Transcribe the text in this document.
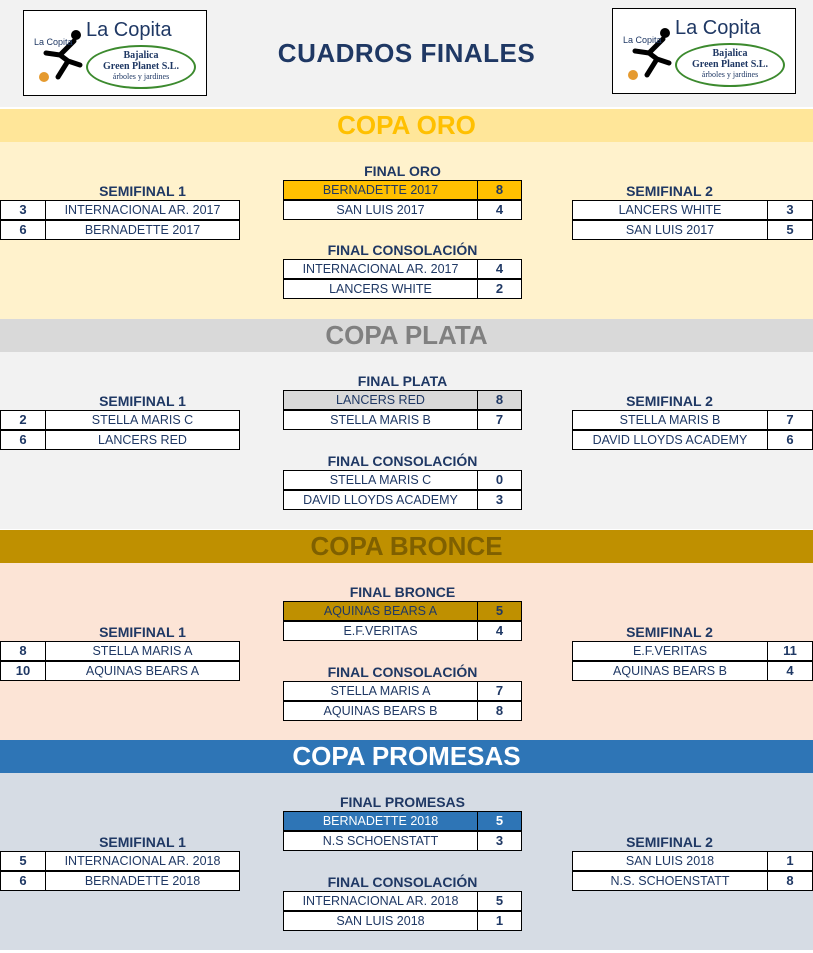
La Copita
La Copita
Bajalica
Green Planet S.L.
árboles y jardines
La Copita
La Copita
Bajalica
Green Planet S.L.
árboles y jardines
CUADROS FINALES
COPA ORO
FINAL ORO
BERNADETTE 2017	8
SAN LUIS 2017	4
FINAL CONSOLACIÓN
INTERNACIONAL AR. 2017	4
LANCERS WHITE	2
SEMIFINAL 1
3	INTERNACIONAL AR. 2017
6	BERNADETTE 2017
SEMIFINAL 2
LANCERS WHITE	3
SAN LUIS 2017	5
COPA PLATA
FINAL PLATA
LANCERS RED	8
STELLA MARIS B	7
FINAL CONSOLACIÓN
STELLA MARIS C	0
DAVID LLOYDS ACADEMY	3
SEMIFINAL 1
2	STELLA MARIS C
6	LANCERS RED
SEMIFINAL 2
STELLA MARIS B	7
DAVID LLOYDS ACADEMY	6
COPA BRONCE
FINAL BRONCE
AQUINAS BEARS A	5
E.F.VERITAS	4
FINAL CONSOLACIÓN
STELLA MARIS A	7
AQUINAS BEARS B	8
SEMIFINAL 1
8	STELLA MARIS A
10	AQUINAS BEARS A
SEMIFINAL 2
E.F.VERITAS	11
AQUINAS BEARS B	4
COPA PROMESAS
FINAL PROMESAS
BERNADETTE 2018	5
N.S SCHOENSTATT	3
FINAL CONSOLACIÓN
INTERNACIONAL AR. 2018	5
SAN LUIS 2018	1
SEMIFINAL 1
5	INTERNACIONAL AR. 2018
6	BERNADETTE 2018
SEMIFINAL 2
SAN LUIS 2018	1
N.S. SCHOENSTATT	8
